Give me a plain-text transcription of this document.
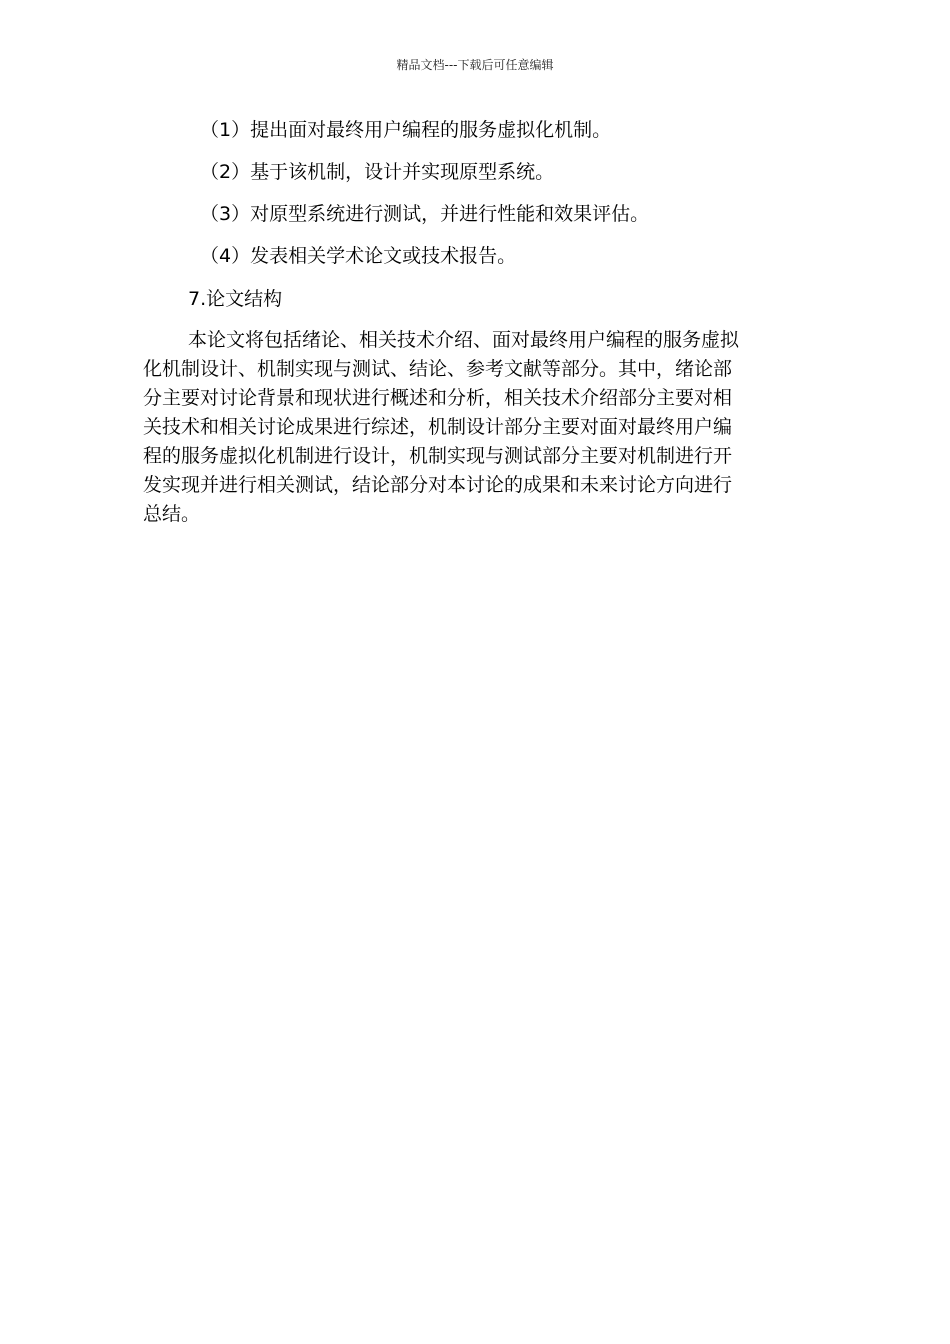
精品文档---下载后可任意编辑
（1）提出面对最终用户编程的服务虚拟化机制。
（2）基于该机制，设计并实现原型系统。
（3）对原型系统进行测试，并进行性能和效果评估。
（4）发表相关学术论文或技术报告。
7.论文结构
本论文将包括绪论、相关技术介绍、面对最终用户编程的服务虚拟
化机制设计、机制实现与测试、结论、参考文献等部分。其中，绪论部
分主要对讨论背景和现状进行概述和分析，相关技术介绍部分主要对相
关技术和相关讨论成果进行综述，机制设计部分主要对面对最终用户编
程的服务虚拟化机制进行设计，机制实现与测试部分主要对机制进行开
发实现并进行相关测试，结论部分对本讨论的成果和未来讨论方向进行
总结。
